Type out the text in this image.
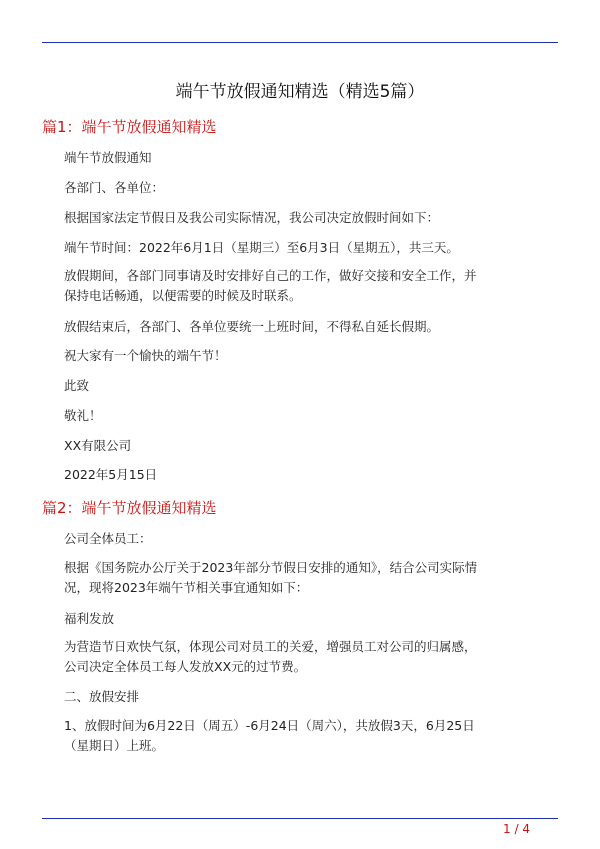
端午节放假通知精选（精选5篇）
篇1：端午节放假通知精选

端午节放假通知

各部门、各单位：

根据国家法定节假日及我公司实际情况，我公司决定放假时间如下：

端午节时间：2022年6月1日（星期三）至6月3日（星期五），共三天。

放假期间，各部门同事请及时安排好自己的工作，做好交接和安全工作，并保持电话畅通，以便需要的时候及时联系。

放假结束后，各部门、各单位要统一上班时间，不得私自延长假期。

祝大家有一个愉快的端午节！

此致

敬礼！

XX有限公司

2022年5月15日

篇2：端午节放假通知精选

公司全体员工：

根据《国务院办公厅关于2023年部分节假日安排的通知》，结合公司实际情况，现将2023年端午节相关事宜通知如下：

福利发放

为营造节日欢快气氛，体现公司对员工的关爱，增强员工对公司的归属感，公司决定全体员工每人发放XX元的过节费。

二、放假安排

1、放假时间为6月22日（周五）-6月24日（周六），共放假3天，6月25日（星期日）上班。

1 / 4
